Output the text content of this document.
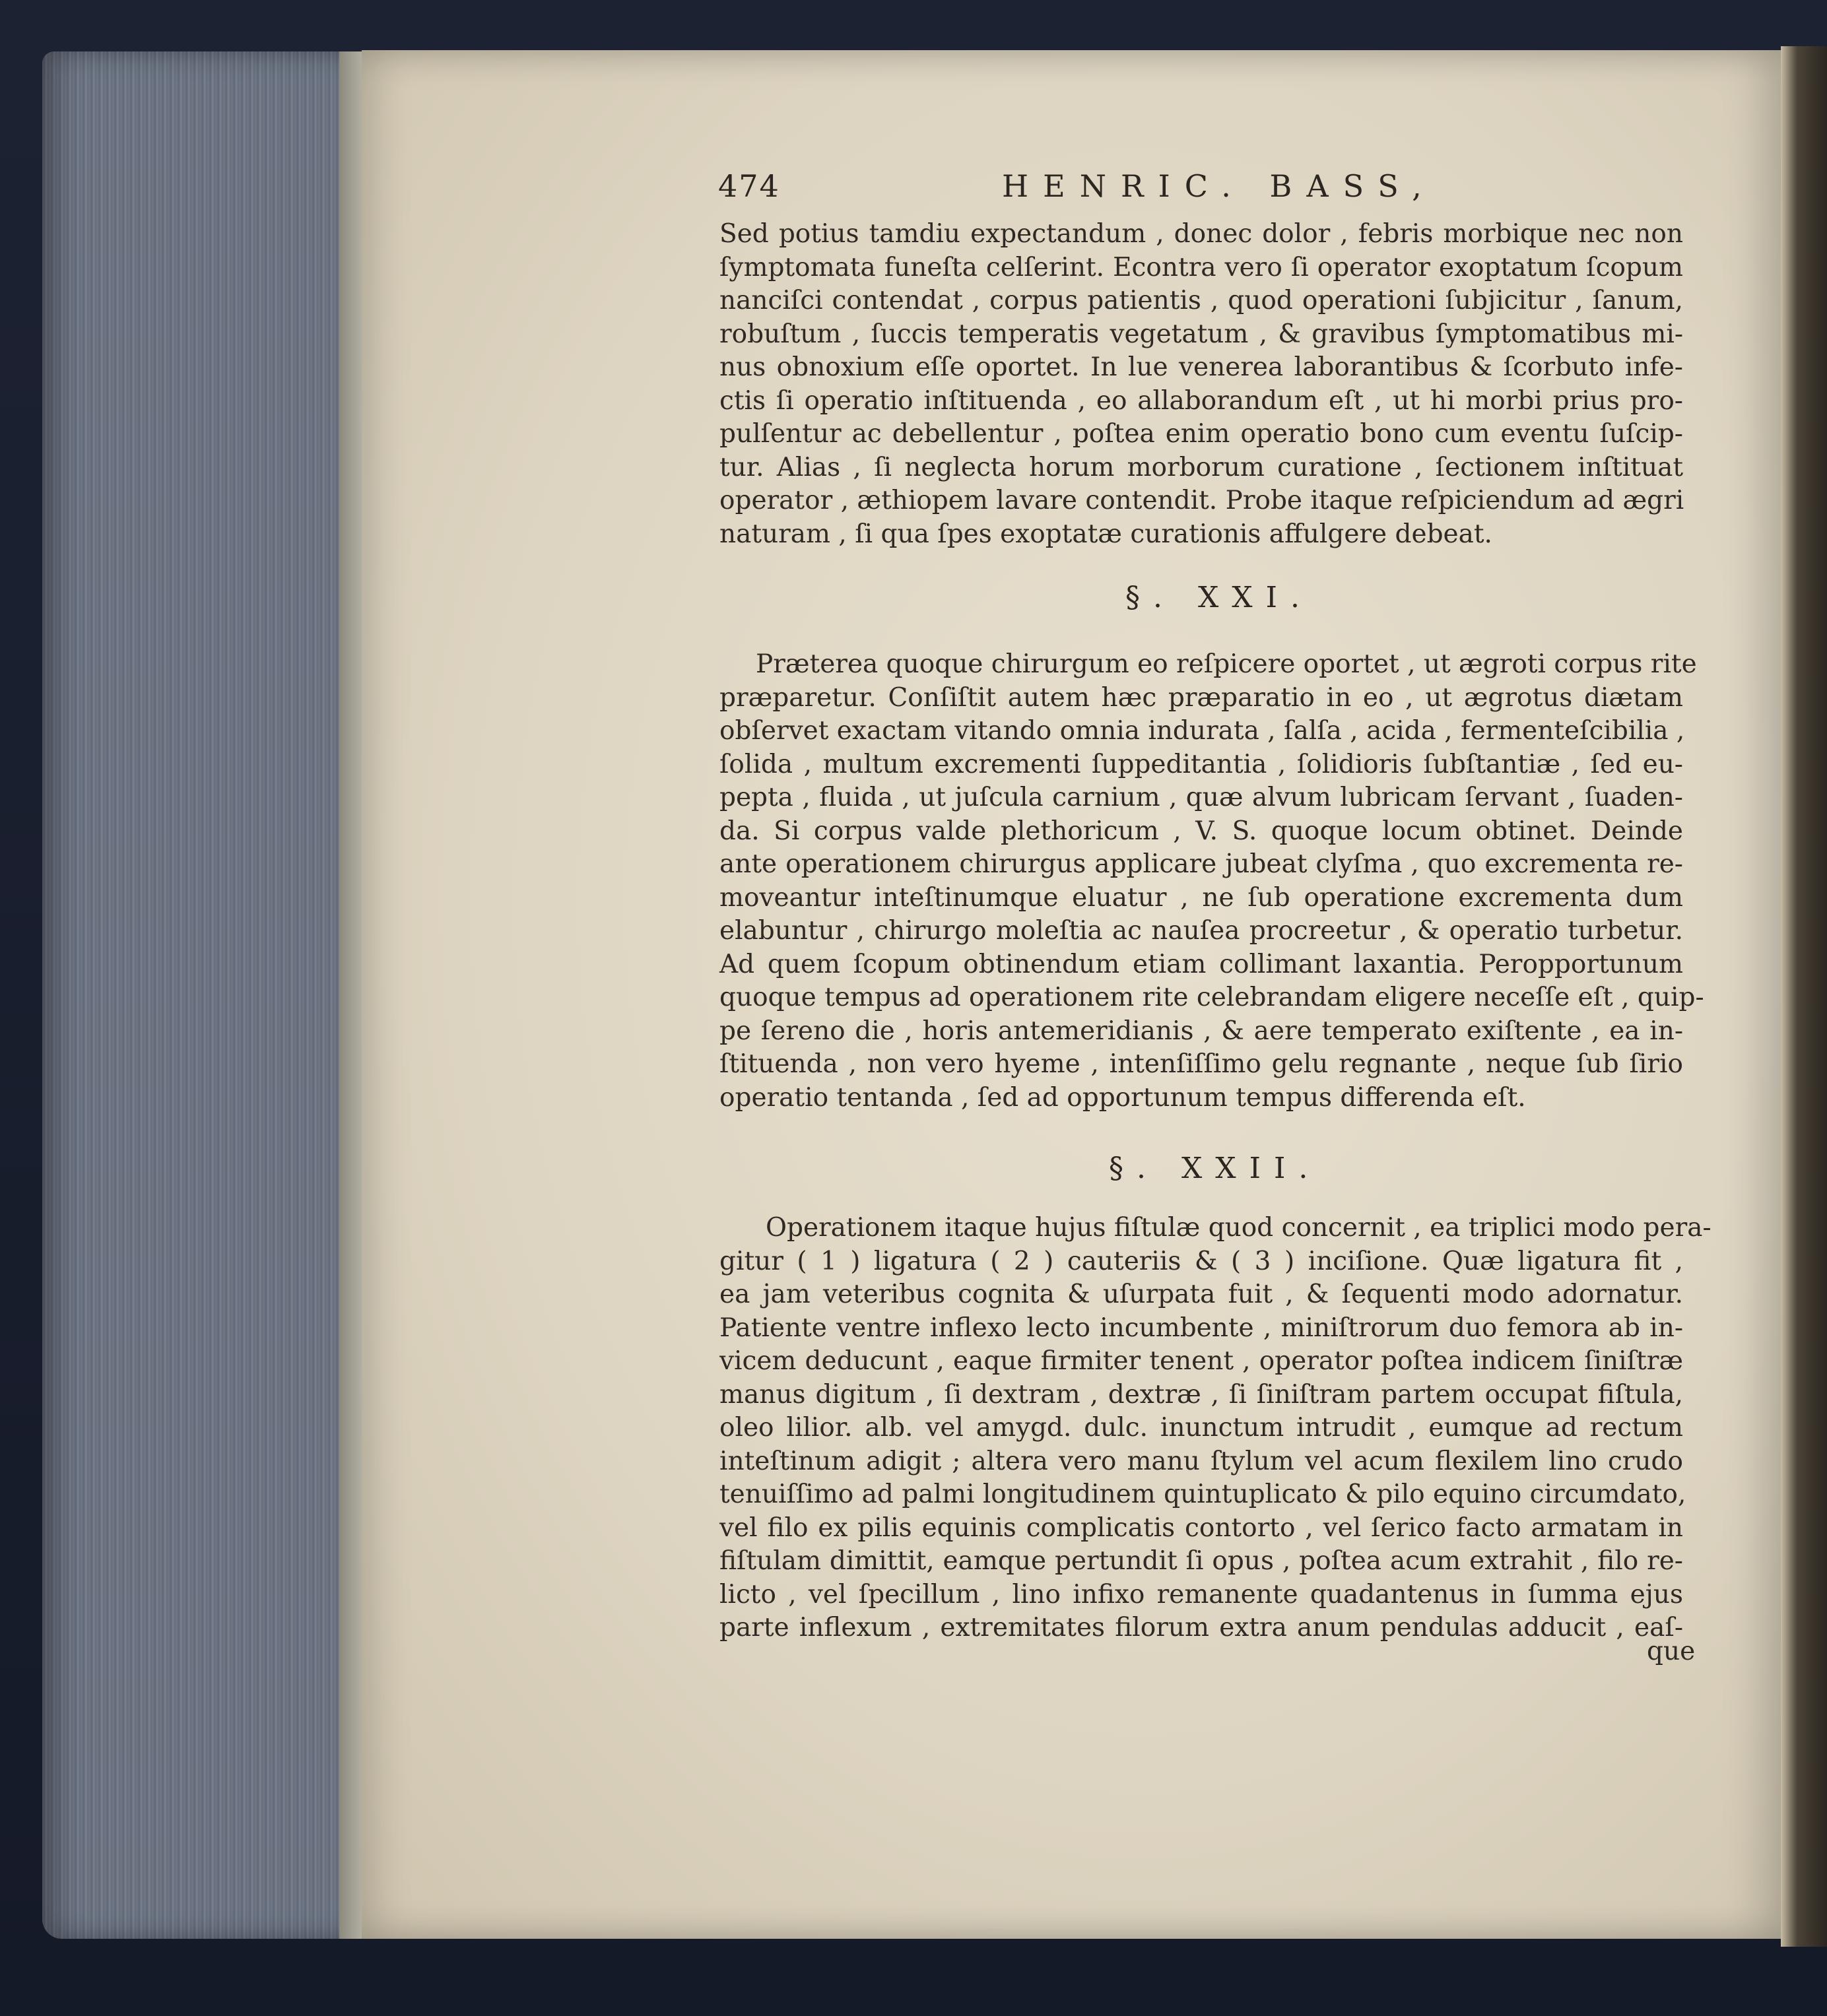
474	HENRIC. BASS,

Sed potius tamdiu expectandum , donec dolor , febris morbique nec non
ſymptomata funeſta celſerint. Econtra vero ſi operator exoptatum ſcopum
nanciſci contendat , corpus patientis , quod operationi ſubjicitur , ſanum,
robuſtum , ſuccis temperatis vegetatum , & gravibus ſymptomatibus mi-
nus obnoxium eſſe oportet. In lue venerea laborantibus & ſcorbuto infe-
ctis ſi operatio inſtituenda , eo allaborandum eſt , ut hi morbi prius pro-
pulſentur ac debellentur , poſtea enim operatio bono cum eventu ſuſcip-
tur. Alias , ſi neglecta horum morborum curatione , ſectionem inſtituat
operator , æthiopem lavare contendit. Probe itaque reſpiciendum ad ægri
naturam , ſi qua ſpes exoptatæ curationis affulgere debeat.

§. XXI.

Præterea quoque chirurgum eo reſpicere oportet , ut ægroti corpus rite
præparetur. Conſiſtit autem hæc præparatio in eo , ut ægrotus diætam
obſervet exactam vitando omnia indurata , ſalſa , acida , fermenteſcibilia ,
ſolida , multum excrementi ſuppeditantia , ſolidioris ſubſtantiæ , ſed eu-
pepta , fluida , ut juſcula carnium , quæ alvum lubricam ſervant , ſuaden-
da. Si corpus valde plethoricum , V. S. quoque locum obtinet. Deinde
ante operationem chirurgus applicare jubeat clyſma , quo excrementa re-
moveantur inteſtinumque eluatur , ne ſub operatione excrementa dum
elabuntur , chirurgo moleſtia ac nauſea procreetur , & operatio turbetur.
Ad quem ſcopum obtinendum etiam collimant laxantia. Peropportunum
quoque tempus ad operationem rite celebrandam eligere neceſſe eſt , quip-
pe ſereno die , horis antemeridianis , & aere temperato exiſtente , ea in-
ſtituenda , non vero hyeme , intenſiſſimo gelu regnante , neque ſub ſirio
operatio tentanda , ſed ad opportunum tempus differenda eſt.

§. XXII.

Operationem itaque hujus fiſtulæ quod concernit , ea triplici modo pera-
gitur ( 1 ) ligatura ( 2 ) cauteriis & ( 3 ) inciſione. Quæ ligatura fit ,
ea jam veteribus cognita & uſurpata fuit , & ſequenti modo adornatur.
Patiente ventre inflexo lecto incumbente , miniſtrorum duo femora ab in-
vicem deducunt , eaque firmiter tenent , operator poſtea indicem ſiniſtræ
manus digitum , ſi dextram , dextræ , ſi ſiniſtram partem occupat fiſtula,
oleo lilior. alb. vel amygd. dulc. inunctum intrudit , eumque ad rectum
inteſtinum adigit ; altera vero manu ſtylum vel acum flexilem lino crudo
tenuiſſimo ad palmi longitudinem quintuplicato & pilo equino circumdato,
vel filo ex pilis equinis complicatis contorto , vel ſerico facto armatam in
fiſtulam dimittit, eamque pertundit ſi opus , poſtea acum extrahit , filo re-
licto , vel ſpecillum , lino infixo remanente quadantenus in ſumma ejus
parte inflexum , extremitates filorum extra anum pendulas adducit , eaſ-

que
